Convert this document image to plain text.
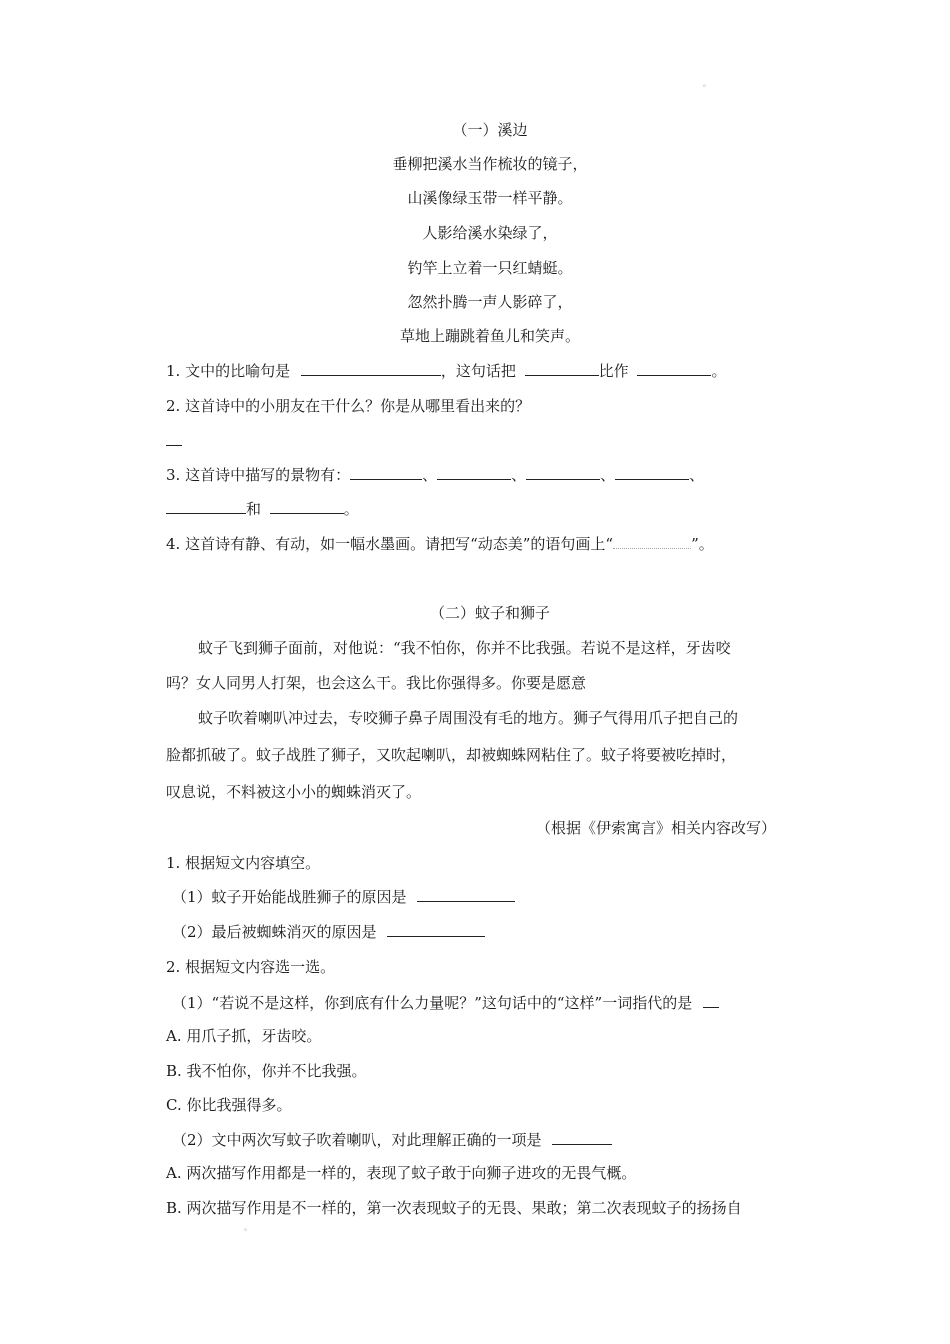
。
（一）溪边
垂柳把溪水当作梳妆的镜子，
山溪像绿玉带一样平静。
人影给溪水染绿了，
钓竿上立着一只红蜻蜓。
忽然扑腾一声人影碎了，
草地上蹦跳着鱼儿和笑声。
1. 文中的比喻句是	，这句话把	比作	。
2. 这首诗中的小朋友在干什么？你是从哪里看出来的？
3. 这首诗中描写的景物有：	、	、	、	、
和	。
4. 这首诗有静、有动，如一幅水墨画。请把写“动态美”的语句画上“	”。
（二）蚊子和狮子
蚊子飞到狮子面前，对他说：“我不怕你，你并不比我强。若说不是这样，牙齿咬
吗？女人同男人打架，也会这么干。我比你强得多。你要是愿意
蚊子吹着喇叭冲过去，专咬狮子鼻子周围没有毛的地方。狮子气得用爪子把自己的
脸都抓破了。蚊子战胜了狮子，又吹起喇叭，却被蜘蛛网粘住了。蚊子将要被吃掉时，
叹息说，不料被这小小的蜘蛛消灭了。
（根据《伊索寓言》相关内容改写）
1. 根据短文内容填空。
（1）蚊子开始能战胜狮子的原因是
（2）最后被蜘蛛消灭的原因是
2. 根据短文内容选一选。
（1）“若说不是这样，你到底有什么力量呢？”这句话中的“这样”一词指代的是
A. 用爪子抓，牙齿咬。
B. 我不怕你，你并不比我强。
C. 你比我强得多。
（2）文中两次写蚊子吹着喇叭，对此理解正确的一项是
A. 两次描写作用都是一样的，表现了蚊子敢于向狮子进攻的无畏气概。
B. 两次描写作用是不一样的，第一次表现蚊子的无畏、果敢；第二次表现蚊子的扬扬自
。
